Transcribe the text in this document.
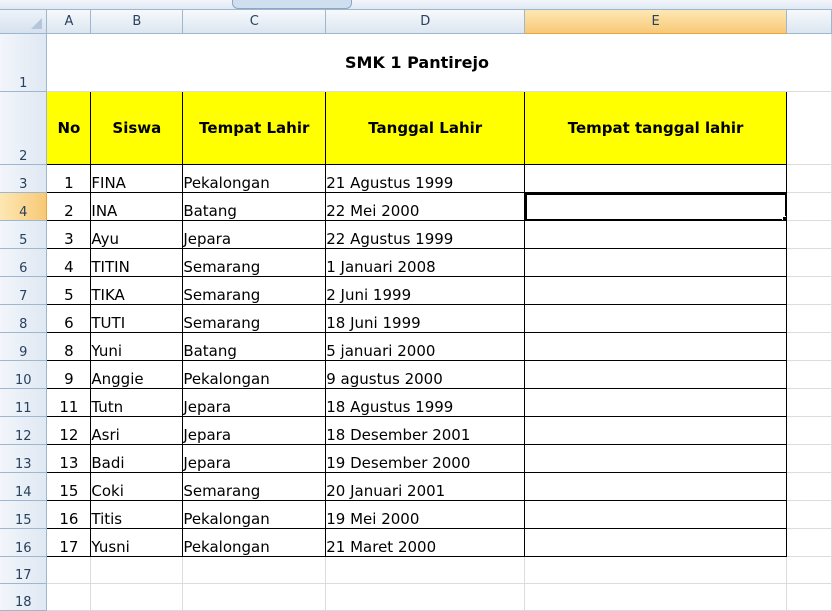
	A	B	C	D	E	
1	SMK 1 Pantirejo					
2	No	Siswa	Tempat Lahir	Tanggal Lahir	Tempat tanggal lahir	
3	1	FINA	Pekalongan	21 Agustus 1999		
4	2	INA	Batang	22 Mei 2000	

5	3	Ayu	Jepara	22 Agustus 1999		
6	4	TITIN	Semarang	1 Januari 2008		
7	5	TIKA	Semarang	2 Juni 1999		
8	6	TUTI	Semarang	18 Juni 1999		
9	8	Yuni	Batang	5 januari 2000		
10	9	Anggie	Pekalongan	9 agustus 2000		
11	11	Tutn	Jepara	18 Agustus 1999		
12	12	Asri	Jepara	18 Desember 2001		
13	13	Badi	Jepara	19 Desember 2000		
14	15	Coki	Semarang	20 Januari 2001		
15	16	Titis	Pekalongan	19 Mei 2000		
16	17	Yusni	Pekalongan	21 Maret 2000		
17						
18						
